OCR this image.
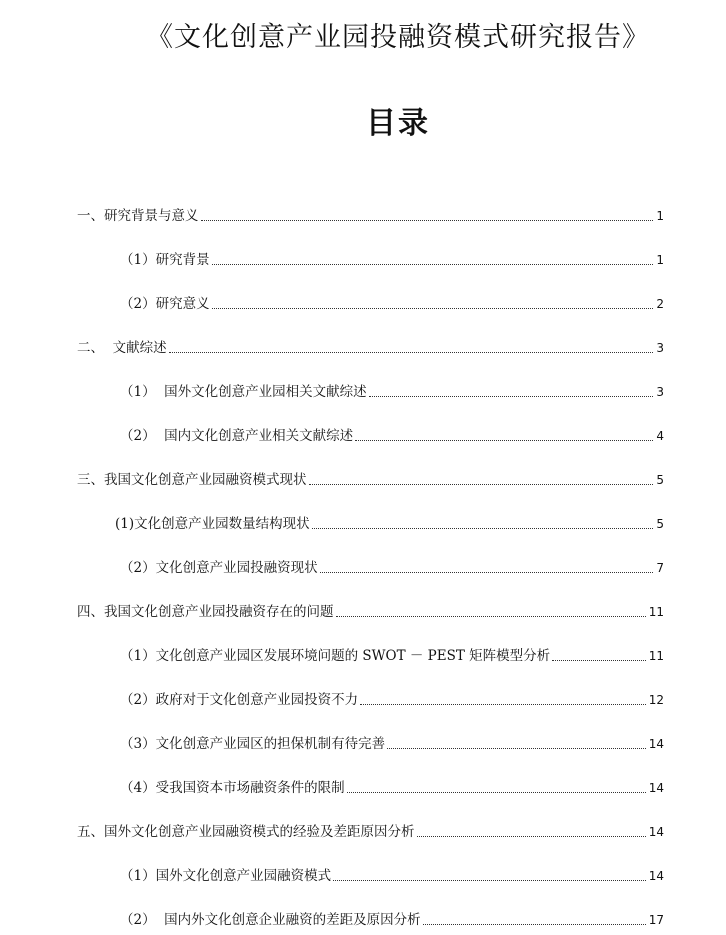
《文化创意产业园投融资模式研究报告》
目录
一、研究背景与意义	1
（1）研究背景	1
（2）研究意义	2
二、  文献综述	3
（1）  国外文化创意产业园相关文献综述	3
（2）  国内文化创意产业相关文献综述	4
三、我国文化创意产业园融资模式现状	5
(1)文化创意产业园数量结构现状	5
（2）文化创意产业园投融资现状	7
四、我国文化创意产业园投融资存在的问题	11
（1）文化创意产业园区发展环境问题的 SWOT － PEST 矩阵模型分析	11
（2）政府对于文化创意产业园投资不力	12
（3）文化创意产业园区的担保机制有待完善	14
（4）受我国资本市场融资条件的限制	14
五、国外文化创意产业园融资模式的经验及差距原因分析	14
（1）国外文化创意产业园融资模式	14
（2）  国内外文化创意企业融资的差距及原因分析	17
